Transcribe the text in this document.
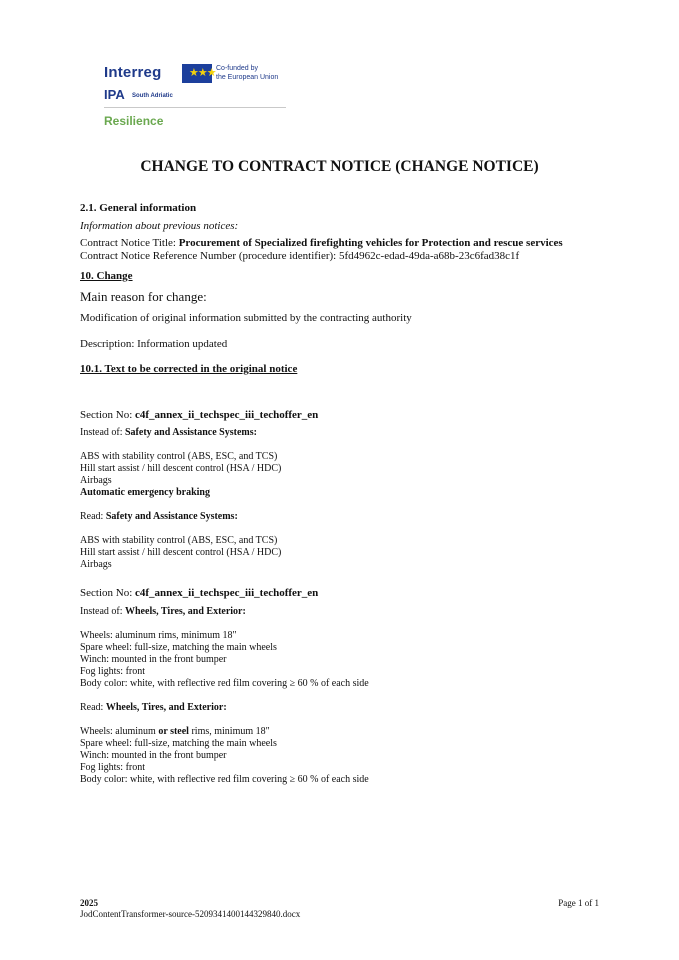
Interreg	★★★ Co-funded by
the European Union
IPA South Adriatic
Resilience
CHANGE TO CONTRACT NOTICE (CHANGE NOTICE)

2.1. General information

Information about previous notices:

Contract Notice Title: Procurement of Specialized firefighting vehicles for Protection and rescue services

Contract Notice Reference Number (procedure identifier): 5fd4962c-edad-49da-a68b-23c6fad38c1f

10. Change

Main reason for change:

Modification of original information submitted by the contracting authority

Description: Information updated

10.1. Text to be corrected in the original notice

Section No: c4f_annex_ii_techspec_iii_techoffer_en

Instead of: Safety and Assistance Systems:

ABS with stability control (ABS, ESC, and TCS)

Hill start assist / hill descent control (HSA / HDC)

Airbags

Automatic emergency braking

Read: Safety and Assistance Systems:

ABS with stability control (ABS, ESC, and TCS)

Hill start assist / hill descent control (HSA / HDC)

Airbags

Section No: c4f_annex_ii_techspec_iii_techoffer_en

Instead of: Wheels, Tires, and Exterior:

Wheels: aluminum rims, minimum 18"

Spare wheel: full-size, matching the main wheels

Winch: mounted in the front bumper

Fog lights: front

Body color: white, with reflective red film covering ≥ 60 % of each side

Read: Wheels, Tires, and Exterior:

Wheels: aluminum or steel rims, minimum 18"

Spare wheel: full-size, matching the main wheels

Winch: mounted in the front bumper

Fog lights: front

Body color: white, with reflective red film covering ≥ 60 % of each side

2025
JodContentTransformer-source-5209341400144329840.docx
Page 1 of 1
